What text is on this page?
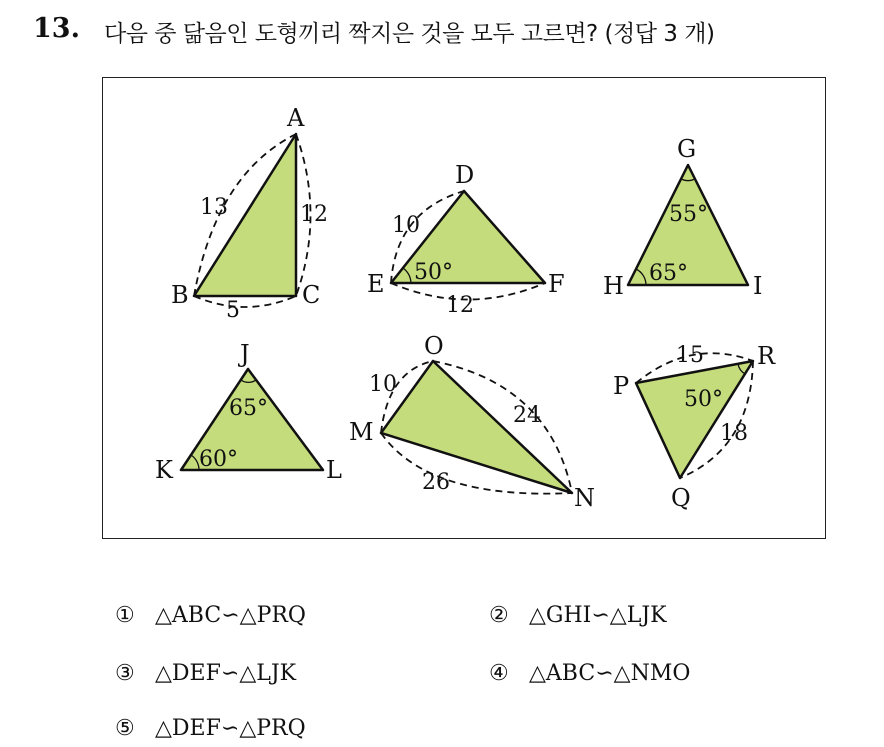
13. 다음 중 닮음인 도형끼리 짝지은 것을 모두 고르면? (정답 3 개)
A
B	C
D
E	F
G
H	I
J
K	L
O
M
N
P
R
Q
13	12
5
10
12
50°
55°
65°
65°
60°
10
24
26
15
50°
18
① △ABC∽△PRQ	② △GHI∽△LJK
③ △DEF∽△LJK	④ △ABC∽△NMO
⑤ △DEF∽△PRQ
